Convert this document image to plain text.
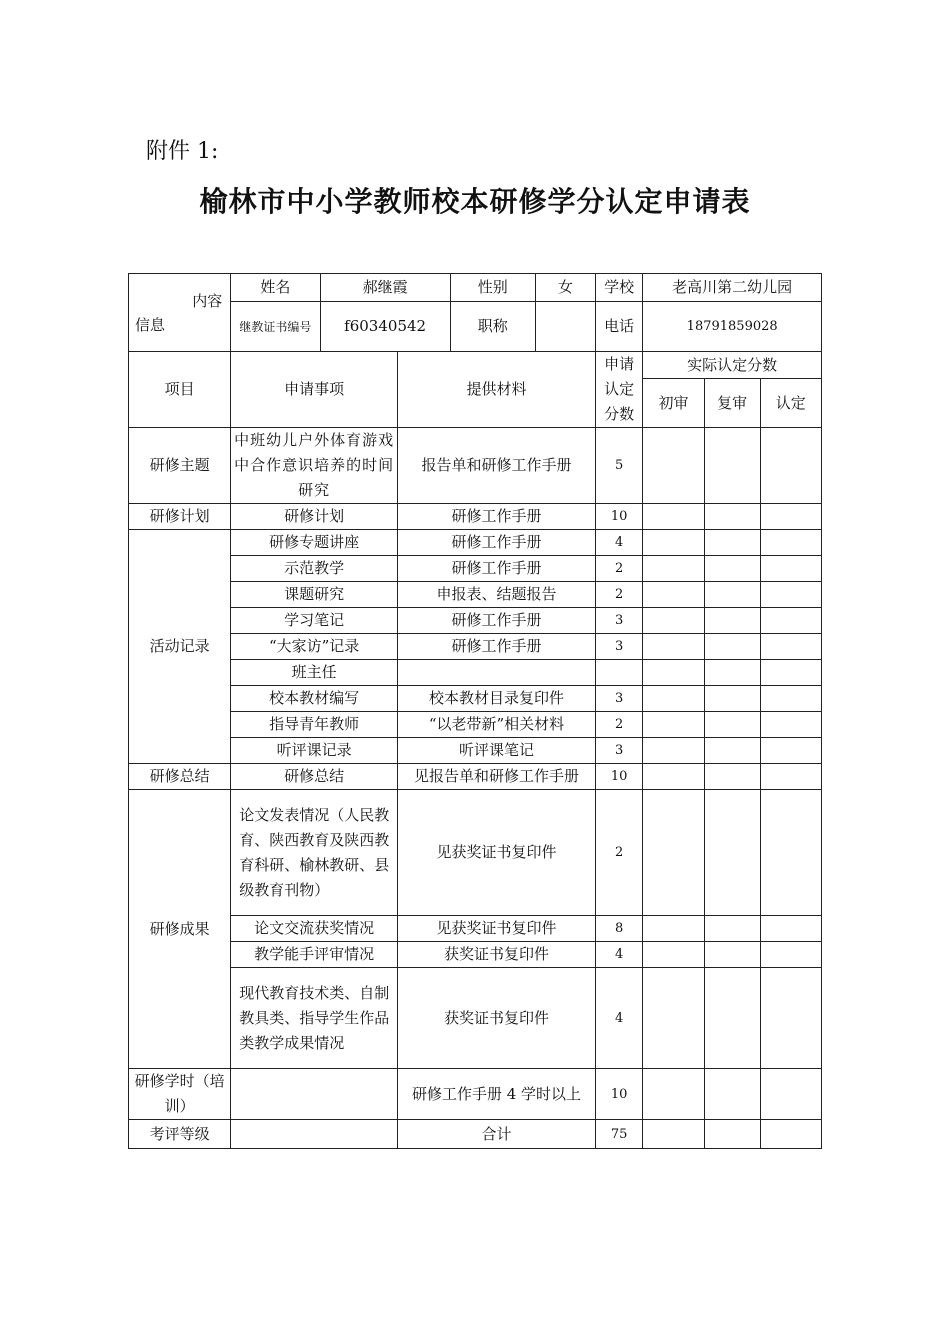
附件 1:
榆林市中小学教师校本研修学分认定申请表
内容
信息	姓名	郝继霞		性别	女	学校	老高川第二幼儿园		
	继教证书编号	f60340542		职称		电话	18791859028		
项目	申请事项		提供材料			申请认定分数	实际认定分数		
							初审	复审	认定
研修主题	中班幼儿户外体育游戏中合作意识培养的时间研究		报告单和研修工作手册			5			
研修计划	研修计划		研修工作手册			10			
活动记录	研修专题讲座		研修工作手册			4			
	示范教学		研修工作手册			2			
	课题研究		申报表、结题报告			2			
	学习笔记		研修工作手册			3			
	“大家访”记录		研修工作手册			3			
	班主任								
	校本教材编写		校本教材目录复印件			3			
	指导青年教师		“以老带新”相关材料			2			
	听评课记录		听评课笔记			3			
研修总结	研修总结		见报告单和研修工作手册			10			
研修成果	论文发表情况（人民教育、陕西教育及陕西教育科研、榆林教研、县级教育刊物）		见获奖证书复印件			2			
	论文交流获奖情况		见获奖证书复印件			8			
	教学能手评审情况		获奖证书复印件			4			
	现代教育技术类、自制教具类、指导学生作品类教学成果情况		获奖证书复印件			4			
研修学时（培训）			研修工作手册 4 学时以上			10			
考评等级			合计			75			
